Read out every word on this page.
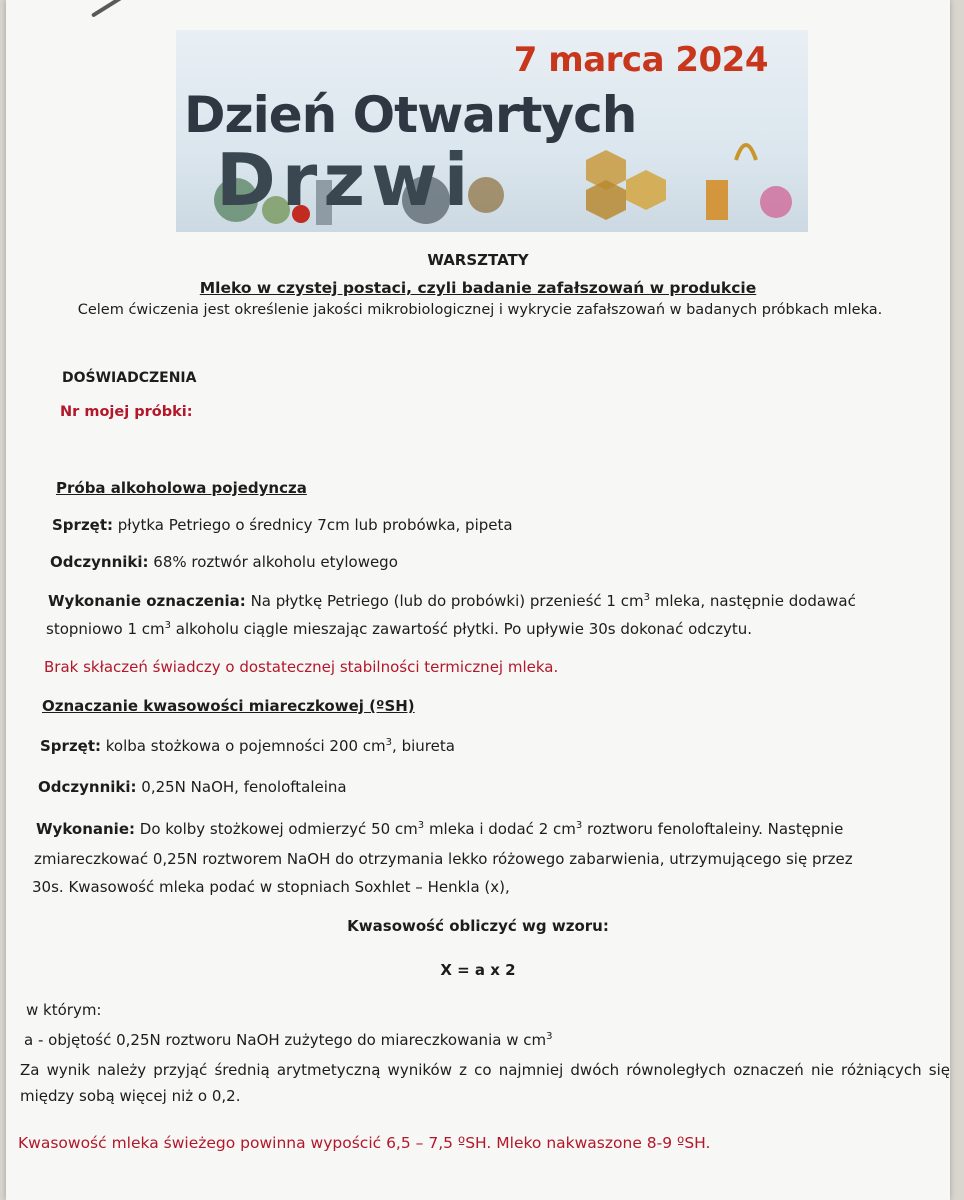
7 marca 2024
Dzień Otwartych
Drzwi

WARSZTATY

Mleko w czystej postaci, czyli badanie zafałszowań w produkcie

Celem ćwiczenia jest określenie jakości mikrobiologicznej i wykrycie zafałszowań w badanych próbkach mleka.

DOŚWIADCZENIA

Nr mojej próbki:

Próba alkoholowa pojedyncza

Sprzęt: płytka Petriego o średnicy 7cm lub probówka, pipeta

Odczynniki: 68% roztwór alkoholu etylowego

Wykonanie oznaczenia: Na płytkę Petriego (lub do probówki) przenieść 1 $cm^3$ mleka, następnie dodawać

stopniowo 1 $cm^3$ alkoholu ciągle mieszając zawartość płytki. Po upływie 30s dokonać odczytu.

Brak skłaczeń świadczy o dostatecznej stabilności termicznej mleka.

Oznaczanie kwasowości miareczkowej (ºSH)

Sprzęt: kolba stożkowa o pojemności 200 $cm^3$, biureta

Odczynniki: 0,25N NaOH, fenoloftaleina

Wykonanie: Do kolby stożkowej odmierzyć 50 $cm^3$ mleka i dodać 2 $cm^3$ roztworu fenoloftaleiny. Następnie

zmiareczkować 0,25N roztworem NaOH do otrzymania lekko różowego zabarwienia, utrzymującego się przez

30s. Kwasowość mleka podać w stopniach Soxhlet – Henkla (x),

Kwasowość obliczyć wg wzoru:

X = a x 2

w którym:

a - objętość 0,25N roztworu NaOH zużytego do miareczkowania w $cm^3$

Za wynik należy przyjąć średnią arytmetyczną wyników z co najmniej dwóch równoległych oznaczeń nie różniących się między sobą więcej niż o 0,2.

Kwasowość mleka świeżego powinna wypościć 6,5 – 7,5 ºSH. Mleko nakwaszone 8-9 ºSH.
